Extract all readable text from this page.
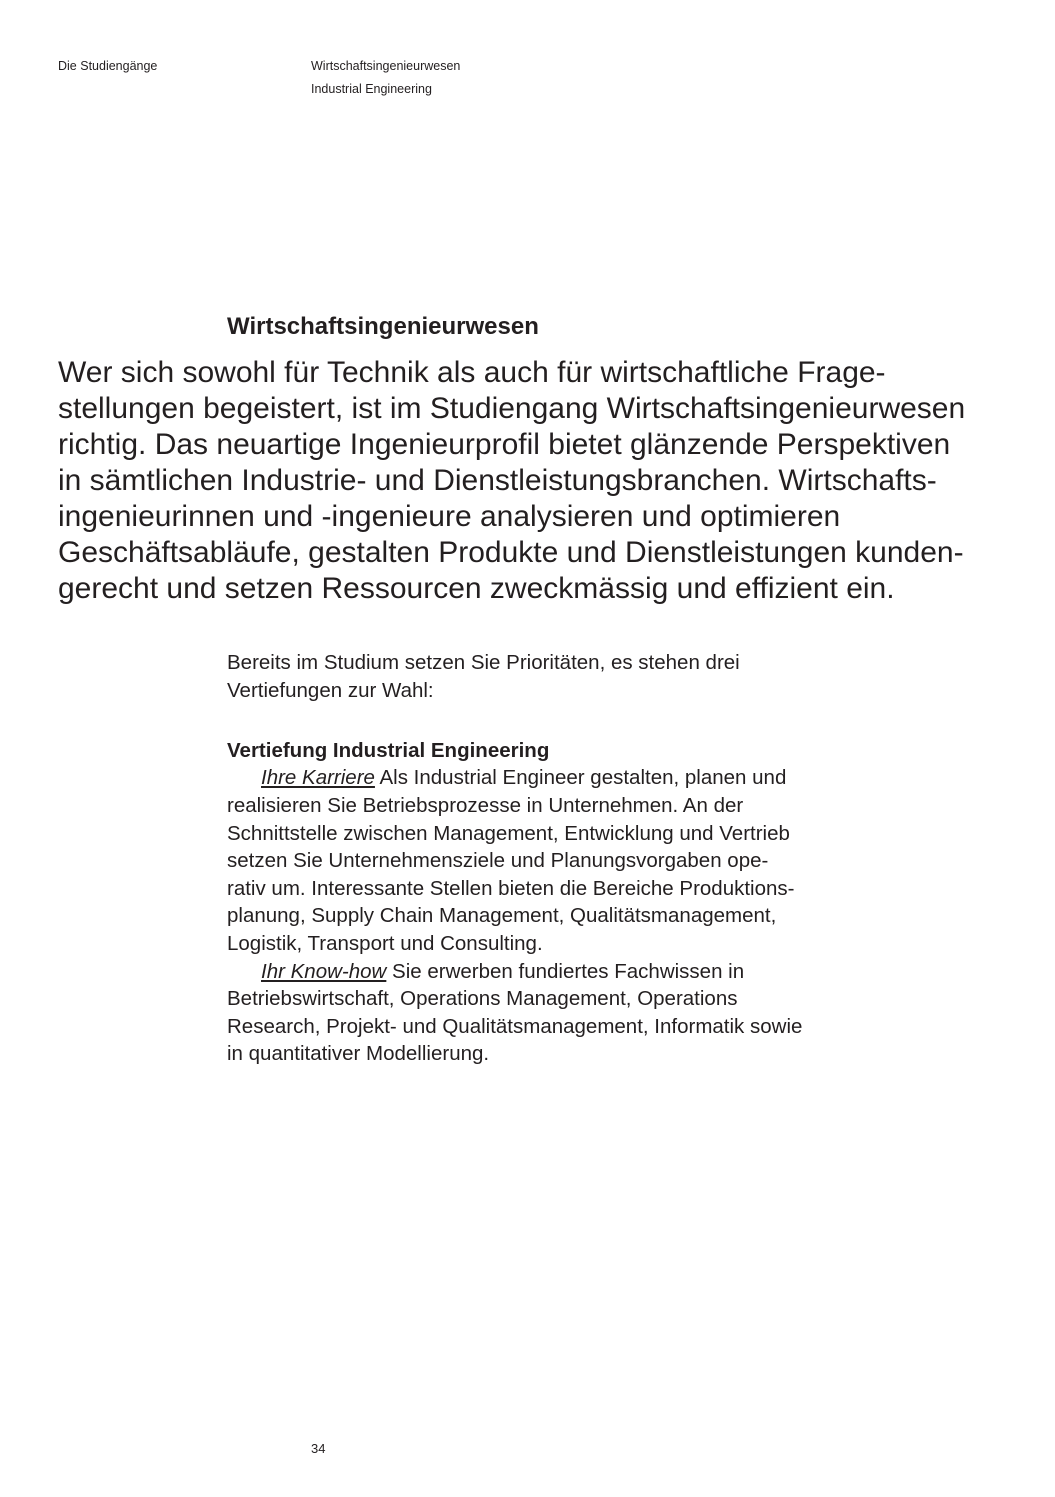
Die Studiengänge	Wirtschaftsingenieurwesen
Industrial Engineering
Wirtschaftsingenieurwesen
Wer sich sowohl für Technik als auch für wirtschaftliche Frage-
stellungen begeistert, ist im Studiengang Wirtschaftsingenieurwesen
richtig. Das neuartige Ingenieurprofil bietet glänzende Perspektiven
in sämtlichen Industrie- und Dienstleistungsbranchen. Wirtschafts-
ingenieurinnen und -ingenieure analysieren und optimieren
Geschäftsabläufe, gestalten Produkte und Dienstleistungen kunden-
gerecht und setzen Ressourcen zweckmässig und effizient ein.
Bereits im Studium setzen Sie Prioritäten, es stehen drei
Vertiefungen zur Wahl:
Vertiefung Industrial Engineering
Ihre Karriere Als Industrial Engineer gestalten, planen und
realisieren Sie Betriebsprozesse in Unternehmen. An der
Schnittstelle zwischen Management, Entwicklung und Vertrieb
setzen Sie Unternehmensziele und Planungsvorgaben ope-
rativ um. Interessante Stellen bieten die Bereiche Produktions-
planung, Supply Chain Management, Qualitätsmanagement,
Logistik, Transport und Consulting.
Ihr Know-how Sie erwerben fundiertes Fachwissen in
Betriebswirtschaft, Operations Management, Operations
Research, Projekt- und Qualitätsmanagement, Informatik sowie
in quantitativer Modellierung.
34
